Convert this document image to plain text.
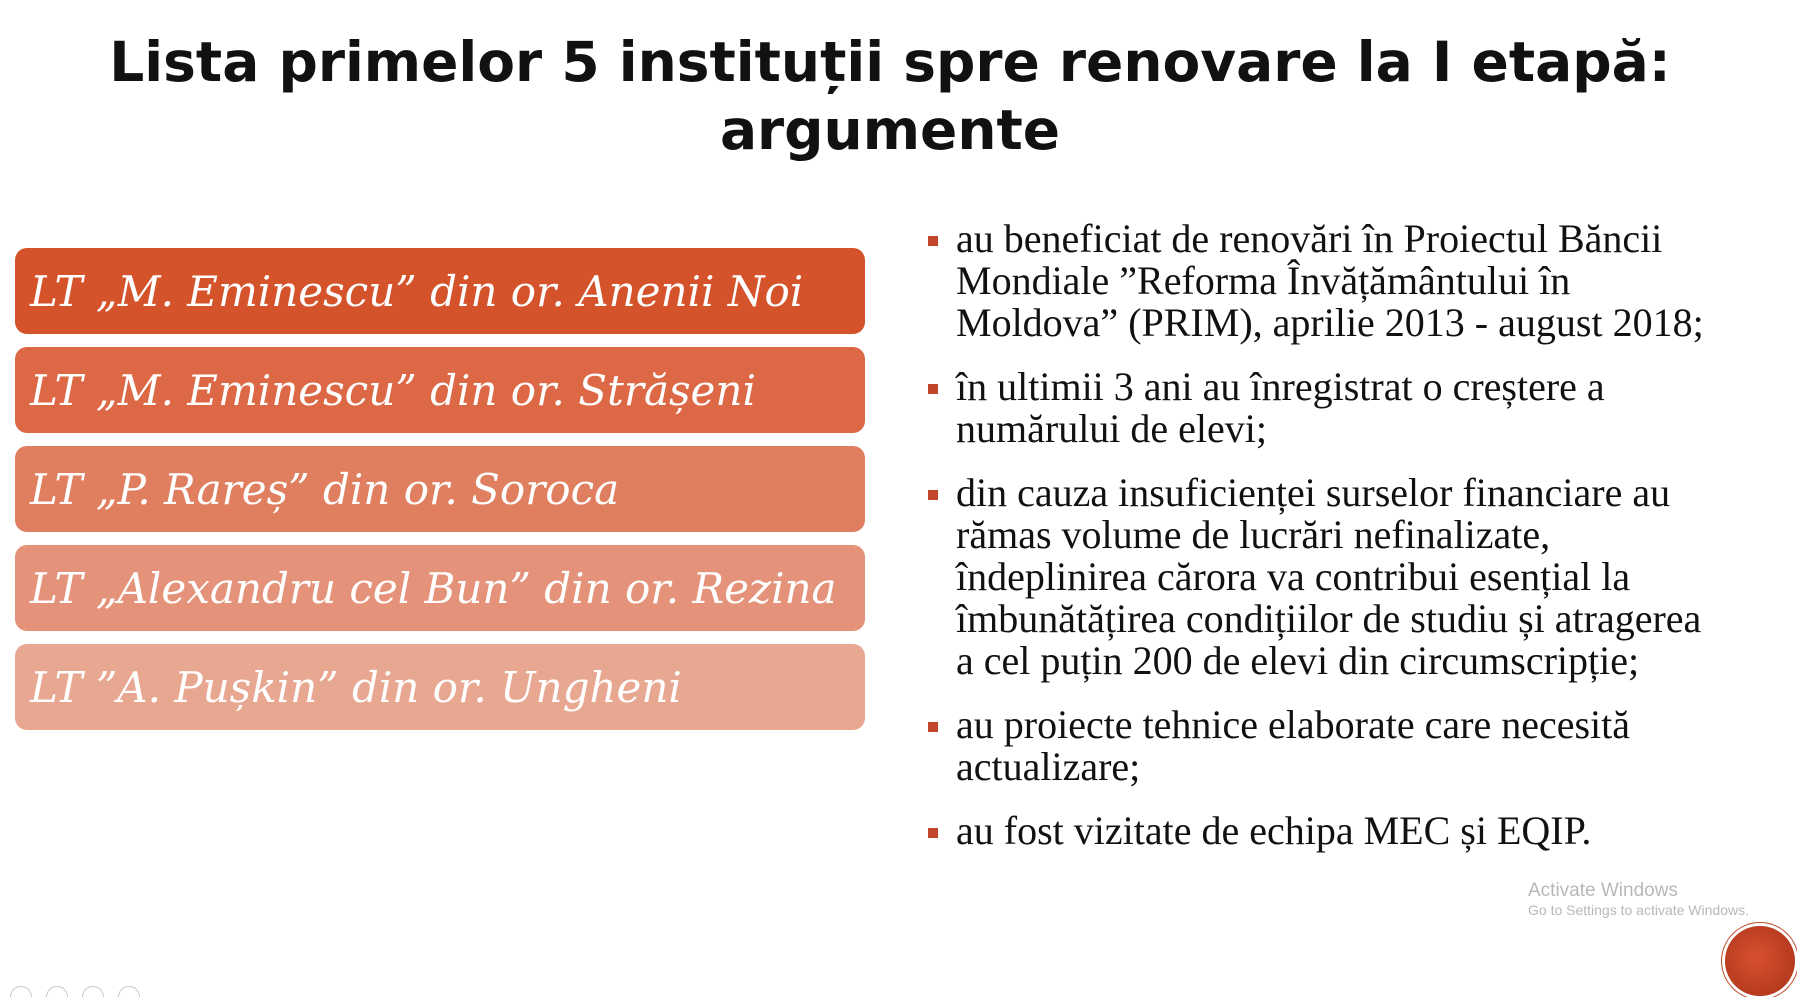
Lista primelor 5 instituții spre renovare la I etapă:
argumente
LT „M. Eminescu” din or. Anenii Noi
LT „M. Eminescu” din or. Strășeni
LT „P. Rareș” din or. Soroca
LT „Alexandru cel Bun” din or. Rezina
LT ”A. Pușkin” din or. Ungheni
au beneficiat de renovări în Proiectul Băncii Mondiale ”Reforma Învățământului în Moldova” (PRIM), aprilie 2013 - august 2018;
în ultimii 3 ani au înregistrat o creștere a numărului de elevi;
din cauza insuficienței surselor financiare au rămas volume de lucrări nefinalizate, îndeplinirea cărora va contribui esențial la îmbunătățirea condițiilor de studiu și atragerea a cel puțin 200 de elevi din circumscripție;
au proiecte tehnice elaborate care necesită actualizare;
au fost vizitate de echipa MEC și EQIP.
Activate Windows
Go to Settings to activate Windows.
